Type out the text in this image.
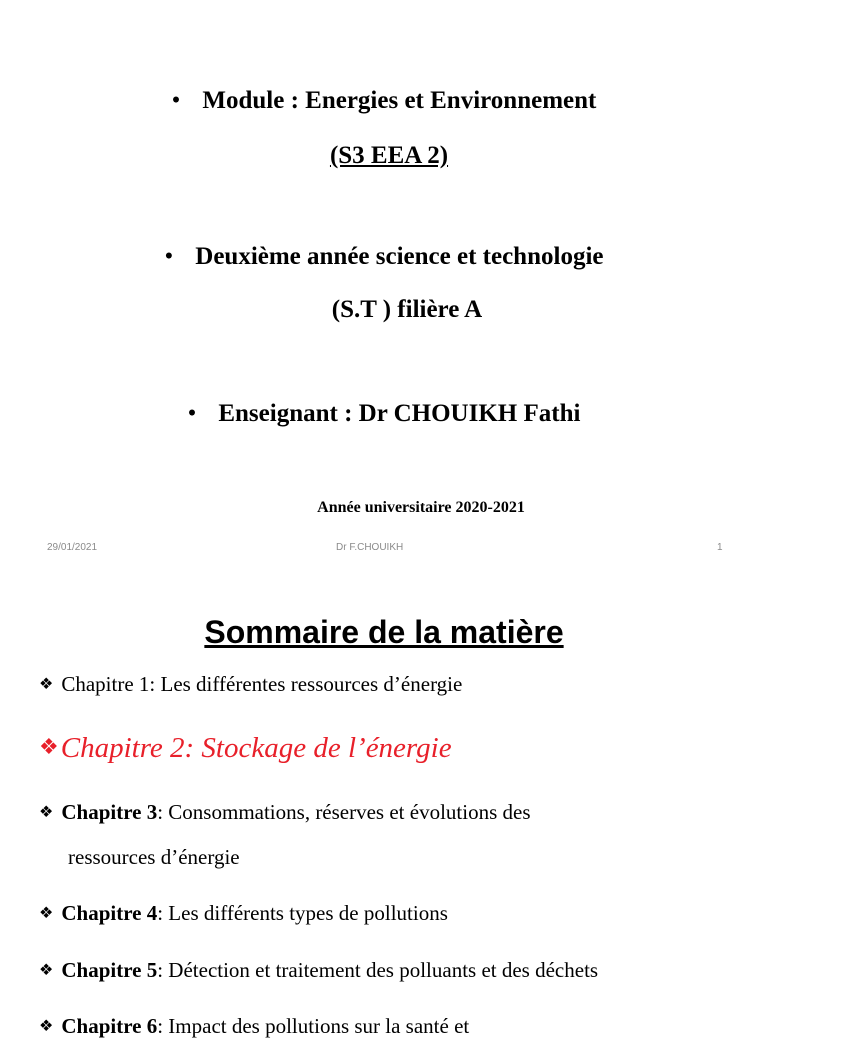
• Module : Energies et Environnement
(S3 EEA 2)
• Deuxième année science et technologie
(S.T ) filière A
• Enseignant : Dr CHOUIKH Fathi
Année universitaire 2020-2021
29/01/2021	Dr F.CHOUIKH	1
Sommaire de la matière
❖ Chapitre 1: Les différentes ressources d’énergie
❖Chapitre 2: Stockage de l’énergie
❖ Chapitre 3: Consommations, réserves et évolutions des
ressources d’énergie
❖ Chapitre 4: Les différents types de pollutions
❖ Chapitre 5: Détection et traitement des polluants et des déchets
❖ Chapitre 6: Impact des pollutions sur la santé et
